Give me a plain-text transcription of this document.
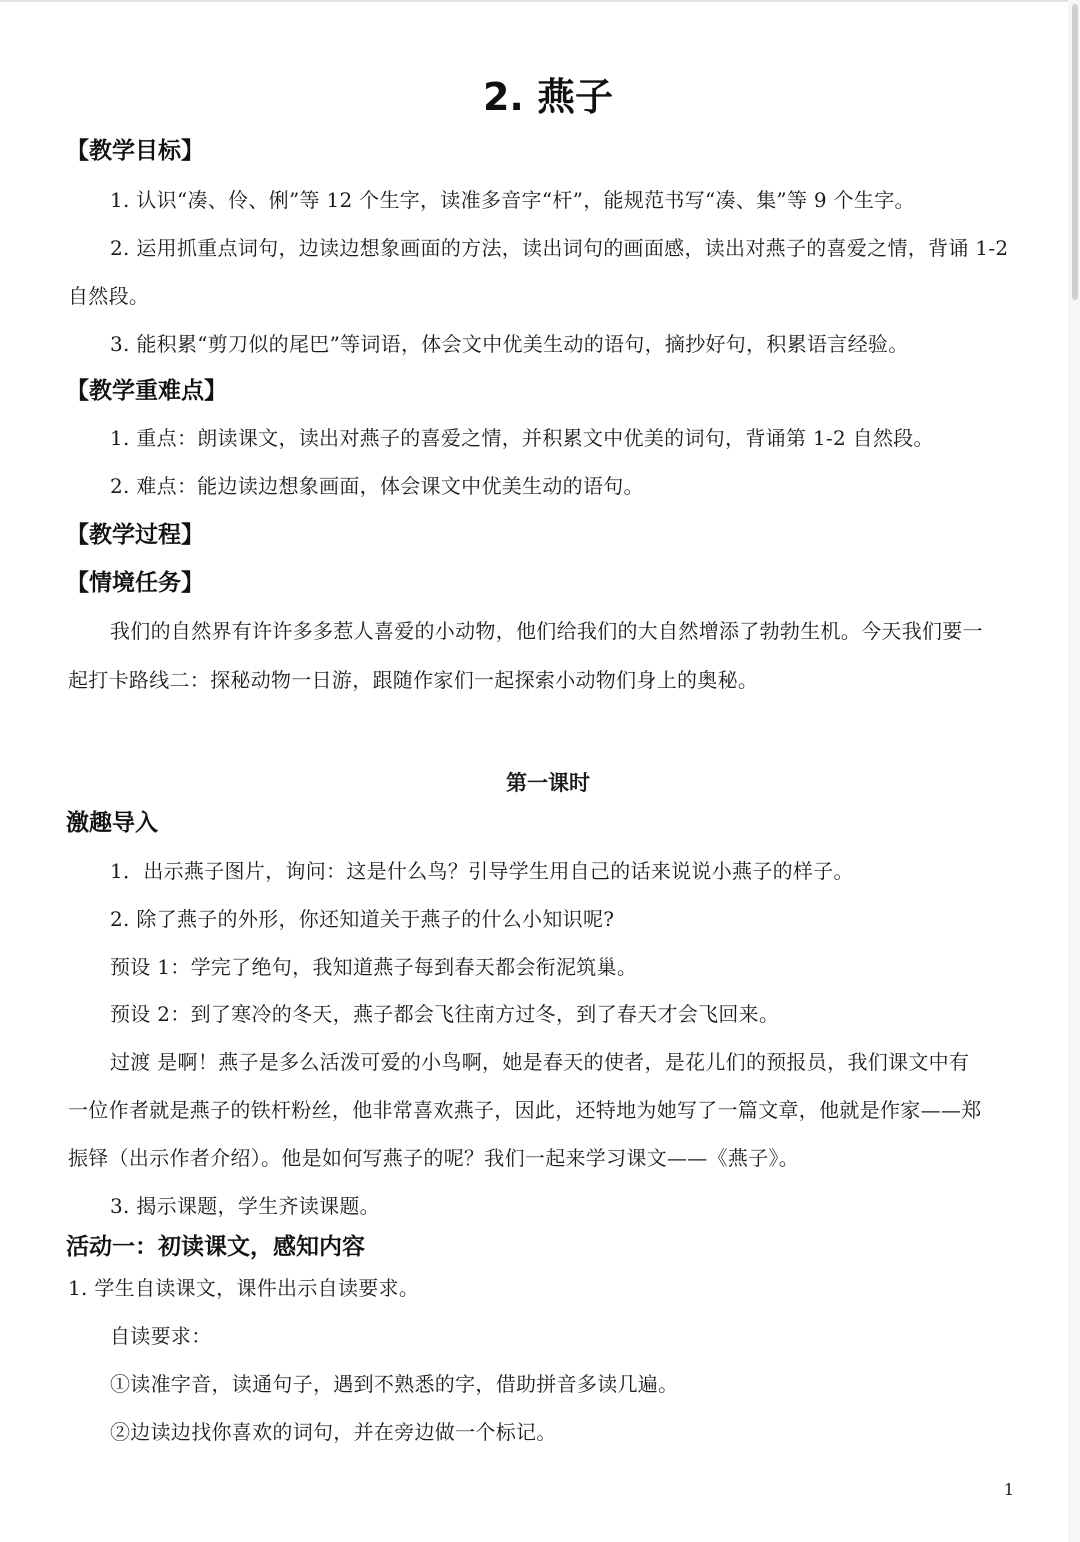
2. 燕子
【教学目标】
1. 认识“凑、伶、俐”等 12 个生字，读准多音字“杆”，能规范书写“凑、集”等 9 个生字。
2. 运用抓重点词句，边读边想象画面的方法，读出词句的画面感，读出对燕子的喜爱之情，背诵 1-2
自然段。
3. 能积累“剪刀似的尾巴”等词语，体会文中优美生动的语句，摘抄好句，积累语言经验。
【教学重难点】
1. 重点：朗读课文，读出对燕子的喜爱之情，并积累文中优美的词句，背诵第 1-2 自然段。
2. 难点：能边读边想象画面，体会课文中优美生动的语句。
【教学过程】
【情境任务】
我们的自然界有许许多多惹人喜爱的小动物，他们给我们的大自然增添了勃勃生机。今天我们要一
起打卡路线二：探秘动物一日游，跟随作家们一起探索小动物们身上的奥秘。
第一课时
激趣导入
1．出示燕子图片，询问：这是什么鸟？引导学生用自己的话来说说小燕子的样子。
2. 除了燕子的外形，你还知道关于燕子的什么小知识呢?
预设 1：学完了绝句，我知道燕子每到春天都会衔泥筑巢。
预设 2：到了寒冷的冬天，燕子都会飞往南方过冬，到了春天才会飞回来。
过渡 是啊！燕子是多么活泼可爱的小鸟啊，她是春天的使者，是花儿们的预报员，我们课文中有
一位作者就是燕子的铁杆粉丝，他非常喜欢燕子，因此，还特地为她写了一篇文章，他就是作家——郑
振铎（出示作者介绍）。他是如何写燕子的呢？我们一起来学习课文——《燕子》。
3. 揭示课题，学生齐读课题。
活动一：初读课文，感知内容
1. 学生自读课文，课件出示自读要求。
自读要求：
①读准字音，读通句子，遇到不熟悉的字，借助拼音多读几遍。
②边读边找你喜欢的词句，并在旁边做一个标记。
1
